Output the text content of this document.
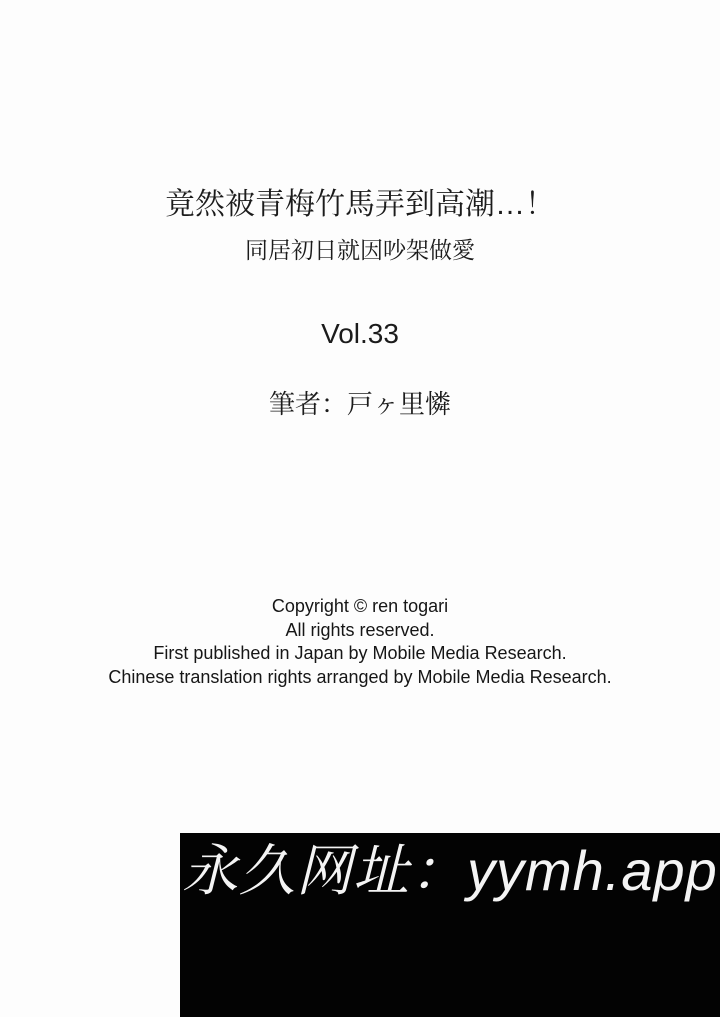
竟然被青梅竹馬弄到高潮…！
同居初日就因吵架做愛
Vol.33
筆者：戸ヶ里憐
Copyright © ren togari
All rights reserved.
First published in Japan by Mobile Media Research.
Chinese translation rights arranged by Mobile Media Research.
永久网址：yymh.app
